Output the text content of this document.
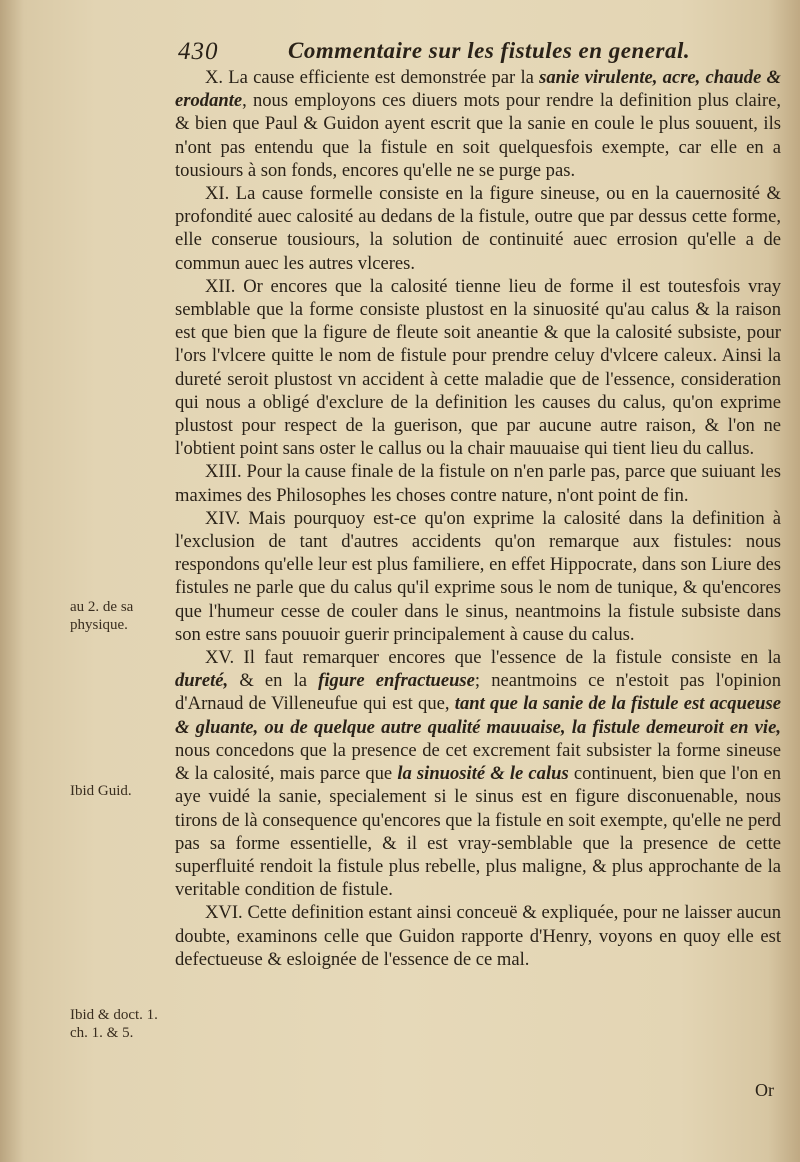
430	Commentaire sur les fistules en general.

X. La cause efficiente est demonstrée par la sanie virulente, acre, chaude & erodante, nous employons ces diuers mots pour rendre la definition plus claire, & bien que Paul & Guidon ayent escrit que la sanie en coule le plus souuent, ils n'ont pas entendu que la fistule en soit quelquesfois exempte, car elle en a tousiours à son fonds, encores qu'elle ne se purge pas.

XI. La cause formelle consiste en la figure sineuse, ou en la cauernosité & profondité auec calosité au dedans de la fistule, outre que par dessus cette forme, elle conserue tousiours, la solution de continuité auec errosion qu'elle a de commun auec les autres vlceres.

XII. Or encores que la calosité tienne lieu de forme il est toutesfois vray semblable que la forme consiste plustost en la sinuosité qu'au calus & la raison est que bien que la figure de fleute soit aneantie & que la calosité subsiste, pour l'ors l'vlcere quitte le nom de fistule pour prendre celuy d'vlcere caleux. Ainsi la dureté seroit plustost vn accident à cette maladie que de l'essence, consideration qui nous a obligé d'exclure de la definition les causes du calus, qu'on exprime plustost pour respect de la guerison, que par aucune autre raison, & l'on ne l'obtient point sans oster le callus ou la chair mauuaise qui tient lieu du callus.

XIII. Pour la cause finale de la fistule on n'en parle pas, parce que suiuant les maximes des Philosophes les choses contre nature, n'ont point de fin.

XIV. Mais pourquoy est-ce qu'on exprime la calosité dans la definition à l'exclusion de tant d'autres accidents qu'on remarque aux fistules: nous respondons qu'elle leur est plus familiere, en effet Hippocrate, dans son Liure des fistules ne parle que du calus qu'il exprime sous le nom de tunique, & qu'encores que l'humeur cesse de couler dans le sinus, neantmoins la fistule subsiste dans son estre sans pouuoir guerir principalement à cause du calus.

XV. Il faut remarquer encores que l'essence de la fistule consiste en la dureté, & en la figure enfractueuse; neantmoins ce n'estoit pas l'opinion d'Arnaud de Villeneufue qui est que, tant que la sanie de la fistule est acqueuse & gluante, ou de quelque autre qualité mauuaise, la fistule demeuroit en vie, nous concedons que la presence de cet excrement fait subsister la forme sineuse & la calosité, mais parce que la sinuosité & le calus continuent, bien que l'on en aye vuidé la sanie, specialement si le sinus est en figure disconuenable, nous tirons de là consequence qu'encores que la fistule en soit exempte, qu'elle ne perd pas sa forme essentielle, & il est vray-semblable que la presence de cette superfluité rendoit la fistule plus rebelle, plus maligne, & plus approchante de la veritable condition de fistule.

XVI. Cette definition estant ainsi conceuë & expliquée, pour ne laisser aucun doubte, examinons celle que Guidon rapporte d'Henry, voyons en quoy elle est defectueuse & esloignée de l'essence de ce mal.

au 2. de sa physique.
Ibid Guid.
Ibid & doct. 1. ch. 1. & 5.
Or
